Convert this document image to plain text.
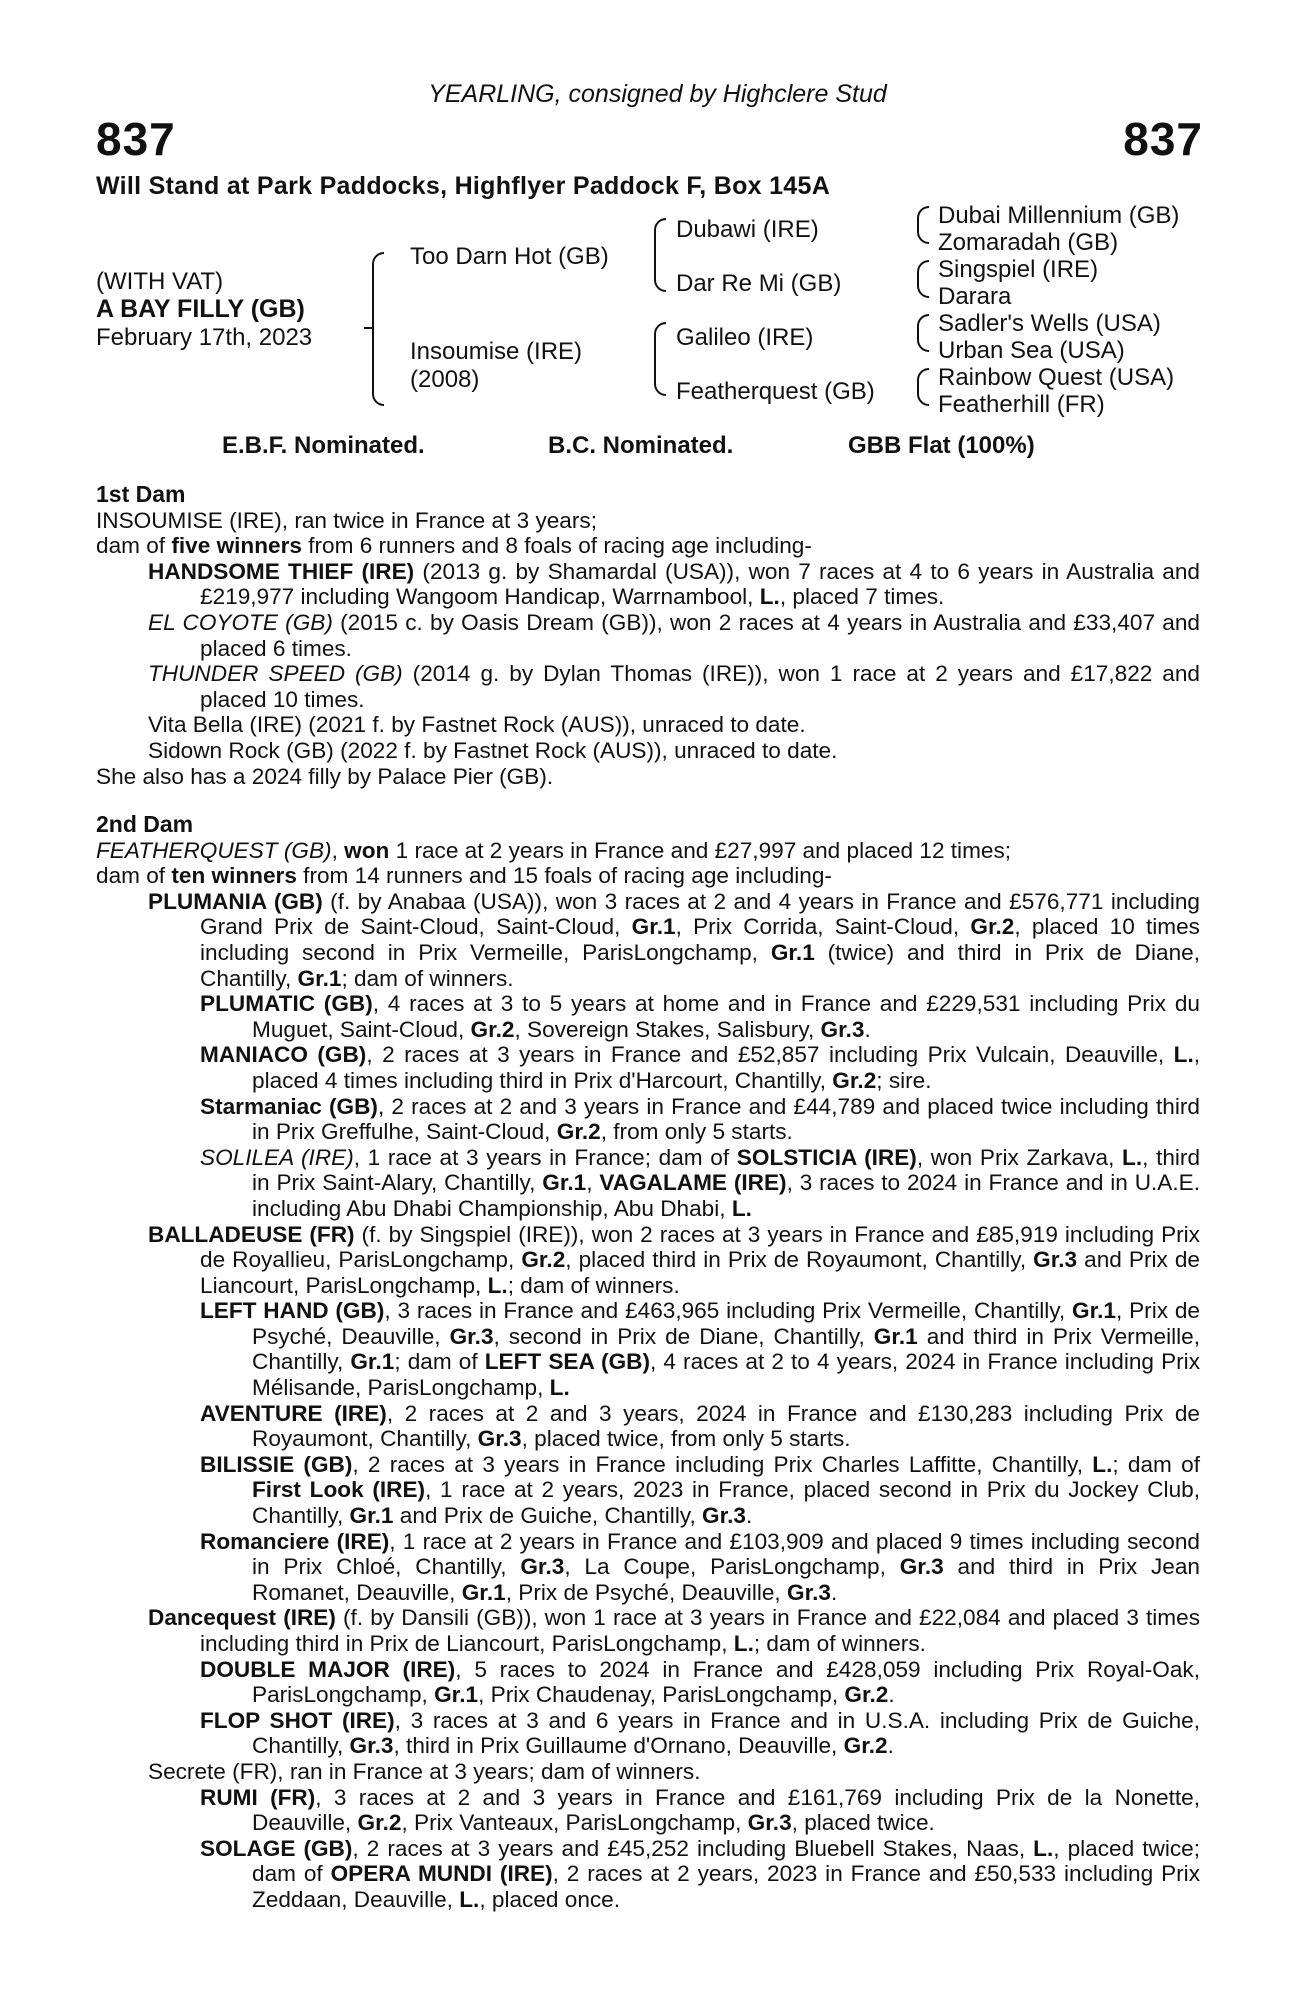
YEARLING, consigned by Highclere Stud
837	837
Will Stand at Park Paddocks, Highflyer Paddock F, Box 145A
(WITH VAT)
A BAY FILLY (GB)
February 17th, 2023
Too Darn Hot (GB)
Insoumise (IRE)
(2008)
Dubawi (IRE)
Dar Re Mi (GB)
Galileo (IRE)
Featherquest (GB)
Dubai Millennium (GB)
Zomaradah (GB)
Singspiel (IRE)
Darara
Sadler's Wells (USA)
Urban Sea (USA)
Rainbow Quest (USA)
Featherhill (FR)
E.B.F. Nominated.	B.C. Nominated.	GBB Flat (100%)

1st Dam

INSOUMISE (IRE), ran twice in France at 3 years;

dam of five winners from 6 runners and 8 foals of racing age including-

HANDSOME THIEF (IRE) (2013 g. by Shamardal (USA)), won 7 races at 4 to 6 years in Australia and £219,977 including Wangoom Handicap, Warrnambool, L., placed 7 times.

EL COYOTE (GB) (2015 c. by Oasis Dream (GB)), won 2 races at 4 years in Australia and £33,407 and placed 6 times.

THUNDER SPEED (GB) (2014 g. by Dylan Thomas (IRE)), won 1 race at 2 years and £17,822 and placed 10 times.

Vita Bella (IRE) (2021 f. by Fastnet Rock (AUS)), unraced to date.

Sidown Rock (GB) (2022 f. by Fastnet Rock (AUS)), unraced to date.

She also has a 2024 filly by Palace Pier (GB).

2nd Dam

FEATHERQUEST (GB), won 1 race at 2 years in France and £27,997 and placed 12 times;

dam of ten winners from 14 runners and 15 foals of racing age including-

PLUMANIA (GB) (f. by Anabaa (USA)), won 3 races at 2 and 4 years in France and £576,771 including Grand Prix de Saint-Cloud, Saint-Cloud, Gr.1, Prix Corrida, Saint-Cloud, Gr.2, placed 10 times including second in Prix Vermeille, ParisLongchamp, Gr.1 (twice) and third in Prix de Diane, Chantilly, Gr.1; dam of winners.

PLUMATIC (GB), 4 races at 3 to 5 years at home and in France and £229,531 including Prix du Muguet, Saint-Cloud, Gr.2, Sovereign Stakes, Salisbury, Gr.3.

MANIACO (GB), 2 races at 3 years in France and £52,857 including Prix Vulcain, Deauville, L., placed 4 times including third in Prix d'Harcourt, Chantilly, Gr.2; sire.

Starmaniac (GB), 2 races at 2 and 3 years in France and £44,789 and placed twice including third in Prix Greffulhe, Saint-Cloud, Gr.2, from only 5 starts.

SOLILEA (IRE), 1 race at 3 years in France; dam of SOLSTICIA (IRE), won Prix Zarkava, L., third in Prix Saint-Alary, Chantilly, Gr.1, VAGALAME (IRE), 3 races to 2024 in France and in U.A.E. including Abu Dhabi Championship, Abu Dhabi, L.

BALLADEUSE (FR) (f. by Singspiel (IRE)), won 2 races at 3 years in France and £85,919 including Prix de Royallieu, ParisLongchamp, Gr.2, placed third in Prix de Royaumont, Chantilly, Gr.3 and Prix de Liancourt, ParisLongchamp, L.; dam of winners.

LEFT HAND (GB), 3 races in France and £463,965 including Prix Vermeille, Chantilly, Gr.1, Prix de Psyché, Deauville, Gr.3, second in Prix de Diane, Chantilly, Gr.1 and third in Prix Vermeille, Chantilly, Gr.1; dam of LEFT SEA (GB), 4 races at 2 to 4 years, 2024 in France including Prix Mélisande, ParisLongchamp, L.

AVENTURE (IRE), 2 races at 2 and 3 years, 2024 in France and £130,283 including Prix de Royaumont, Chantilly, Gr.3, placed twice, from only 5 starts.

BILISSIE (GB), 2 races at 3 years in France including Prix Charles Laffitte, Chantilly, L.; dam of First Look (IRE), 1 race at 2 years, 2023 in France, placed second in Prix du Jockey Club, Chantilly, Gr.1 and Prix de Guiche, Chantilly, Gr.3.

Romanciere (IRE), 1 race at 2 years in France and £103,909 and placed 9 times including second in Prix Chloé, Chantilly, Gr.3, La Coupe, ParisLongchamp, Gr.3 and third in Prix Jean Romanet, Deauville, Gr.1, Prix de Psyché, Deauville, Gr.3.

Dancequest (IRE) (f. by Dansili (GB)), won 1 race at 3 years in France and £22,084 and placed 3 times including third in Prix de Liancourt, ParisLongchamp, L.; dam of winners.

DOUBLE MAJOR (IRE), 5 races to 2024 in France and £428,059 including Prix Royal-Oak, ParisLongchamp, Gr.1, Prix Chaudenay, ParisLongchamp, Gr.2.

FLOP SHOT (IRE), 3 races at 3 and 6 years in France and in U.S.A. including Prix de Guiche, Chantilly, Gr.3, third in Prix Guillaume d'Ornano, Deauville, Gr.2.

Secrete (FR), ran in France at 3 years; dam of winners.

RUMI (FR), 3 races at 2 and 3 years in France and £161,769 including Prix de la Nonette, Deauville, Gr.2, Prix Vanteaux, ParisLongchamp, Gr.3, placed twice.

SOLAGE (GB), 2 races at 3 years and £45,252 including Bluebell Stakes, Naas, L., placed twice; dam of OPERA MUNDI (IRE), 2 races at 2 years, 2023 in France and £50,533 including Prix Zeddaan, Deauville, L., placed once.
